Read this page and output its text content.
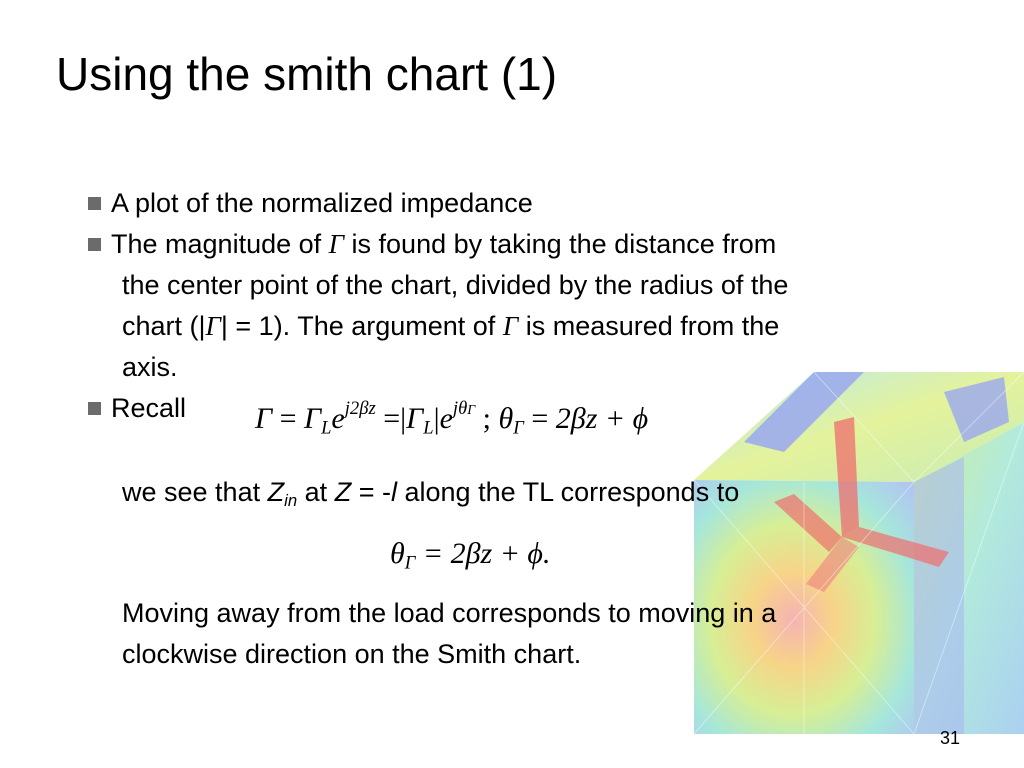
Using the smith chart (1)

A plot of the normalized impedance

The magnitude of Γ is found by taking the distance from

the center point of the chart, divided by the radius of the

chart (|Γ| = 1). The argument of Γ is measured from the

axis.

Recall $\Gamma = \Gamma_Le^{j2\beta z} =|\Gamma_L|e^{j\theta\Gamma}$ ; $\theta_\Gamma = 2\beta z + \phi$

we see that $Z_{in}$ at Z = -l along the TL corresponds to

$\theta_\Gamma = 2\beta z + \phi$.

Moving away from the load corresponds to moving in a

clockwise direction on the Smith chart.

31
